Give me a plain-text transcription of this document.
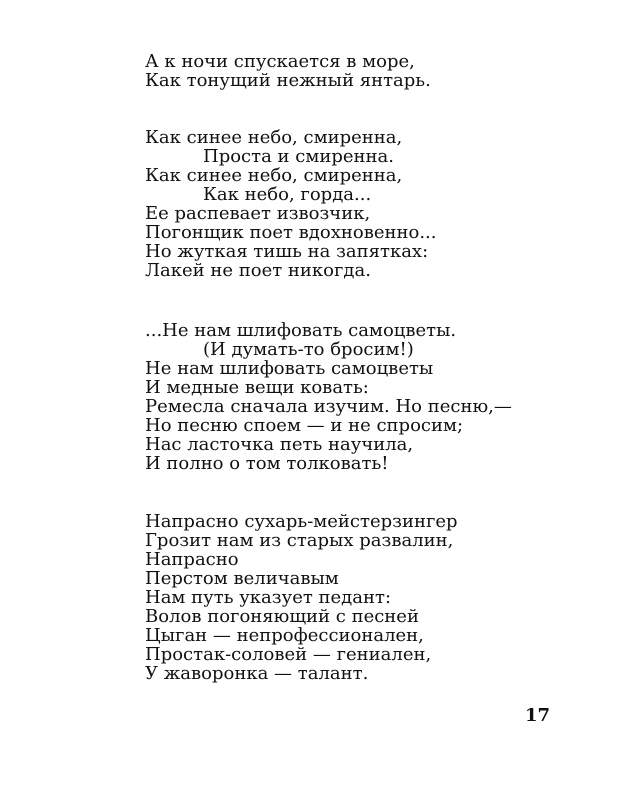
А к ночи спускается в море,
Как тонущий нежный янтарь.
Как синее небо, смиренна,
Проста и смиренна.
Как синее небо, смиренна,
Как небо, горда...
Ее распевает извозчик,
Погонщик поет вдохновенно...
Но жуткая тишь на запятках:
Лакей не поет никогда.
...Не нам шлифовать самоцветы.
(И думать-то бросим!)
Не нам шлифовать самоцветы
И медные вещи ковать:
Ремесла сначала изучим. Но песню,—
Но песню споем — и не спросим;
Нас ласточка петь научила,
И полно о том толковать!
Напрасно сухарь-мейстерзингер
Грозит нам из старых развалин,
Напрасно
Перстом величавым
Нам путь указует педант:
Волов погоняющий с песней
Цыган — непрофессионален,
Простак-соловей — гениален,
У жаворонка — талант.
17
